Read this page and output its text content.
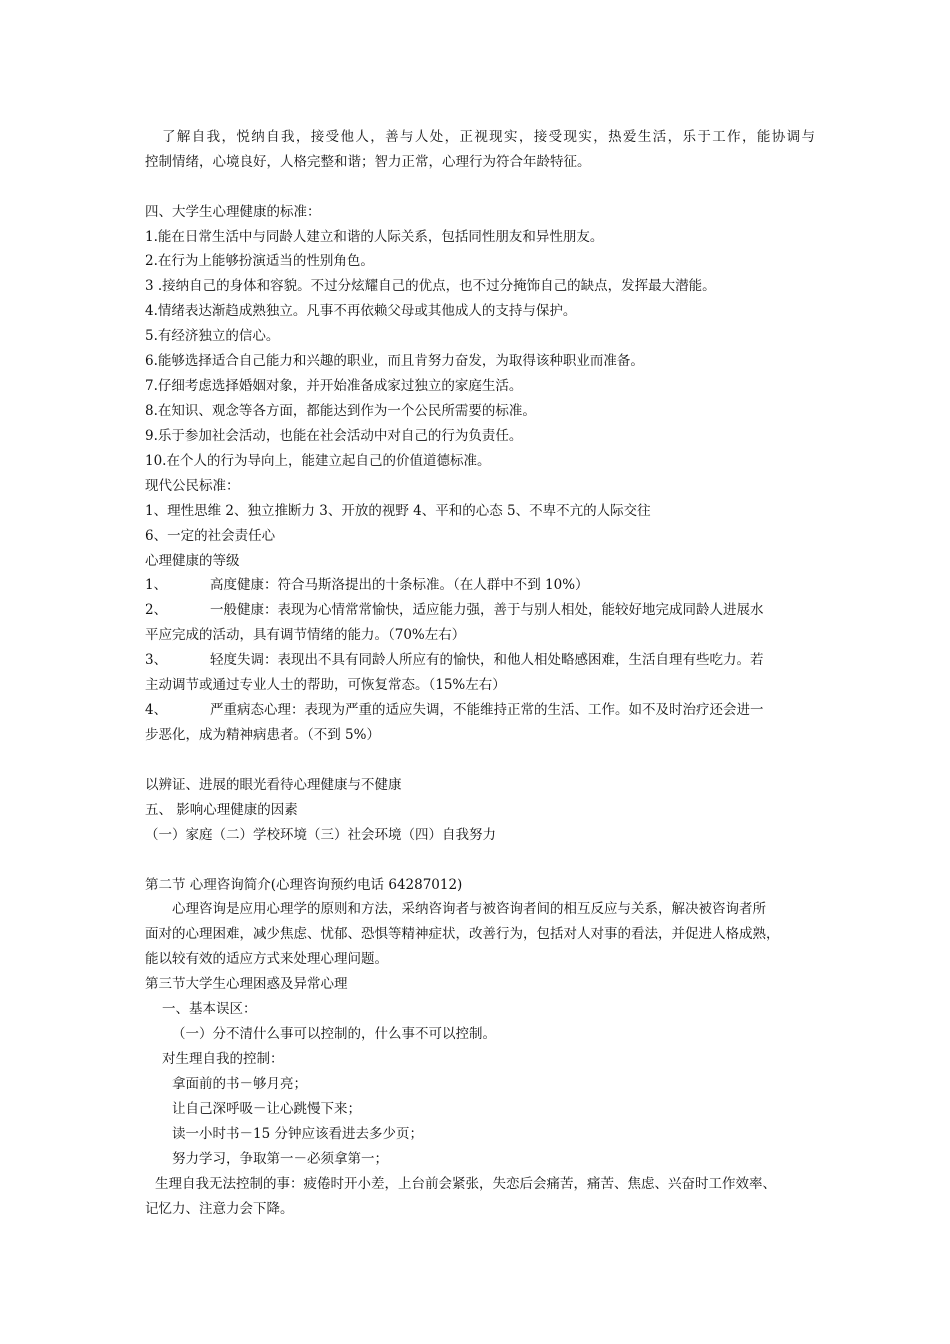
了解自我，悦纳自我，接受他人，善与人处，正视现实，接受现实，热爱生活，乐于工作，能协调与
控制情绪，心境良好，人格完整和谐；智力正常，心理行为符合年龄特征。
四、大学生心理健康的标准：
1.能在日常生活中与同龄人建立和谐的人际关系，包括同性朋友和异性朋友。
2.在行为上能够扮演适当的性别角色。
3 .接纳自己的身体和容貌。不过分炫耀自己的优点，也不过分掩饰自己的缺点，发挥最大潜能。
4.情绪表达渐趋成熟独立。凡事不再依赖父母或其他成人的支持与保护。
5.有经济独立的信心。
6.能够选择适合自己能力和兴趣的职业，而且肯努力奋发，为取得该种职业而准备。
7.仔细考虑选择婚姻对象，并开始准备成家过独立的家庭生活。
8.在知识、观念等各方面，都能达到作为一个公民所需要的标准。
9.乐于参加社会活动，也能在社会活动中对自己的行为负责任。
10.在个人的行为导向上，能建立起自己的价值道德标准。
现代公民标准：
1、理性思维 2、独立推断力 3、开放的视野 4、平和的心态 5、不卑不亢的人际交往
6、一定的社会责任心
心理健康的等级
1、          高度健康：符合马斯洛提出的十条标准。（在人群中不到 10%）
2、          一般健康：表现为心情常常愉快，适应能力强，善于与别人相处，能较好地完成同龄人进展水
平应完成的活动，具有调节情绪的能力。（70%左右）
3、          轻度失调：表现出不具有同龄人所应有的愉快，和他人相处略感困难，生活自理有些吃力。若
主动调节或通过专业人士的帮助，可恢复常态。（15%左右）
4、          严重病态心理：表现为严重的适应失调，不能维持正常的生活、工作。如不及时治疗还会进一
步恶化，成为精神病患者。（不到 5%）
以辨证、进展的眼光看待心理健康与不健康
五、 影响心理健康的因素
（一）家庭（二）学校环境（三）社会环境（四）自我努力
第二节 心理咨询简介(心理咨询预约电话 64287012)
心理咨询是应用心理学的原则和方法，采纳咨询者与被咨询者间的相互反应与关系，解决被咨询者所
面对的心理困难，减少焦虑、忧郁、恐惧等精神症状，改善行为，包括对人对事的看法，并促进人格成熟，
能以较有效的适应方式来处理心理问题。
第三节大学生心理困惑及异常心理
一、基本误区：
（一）分不清什么事可以控制的，什么事不可以控制。
对生理自我的控制：
拿面前的书－够月亮；
让自己深呼吸－让心跳慢下来；
读一小时书－15 分钟应该看进去多少页；
努力学习，争取第一－必须拿第一；
生理自我无法控制的事：疲倦时开小差，上台前会紧张，失恋后会痛苦，痛苦、焦虑、兴奋时工作效率、
记忆力、注意力会下降。
